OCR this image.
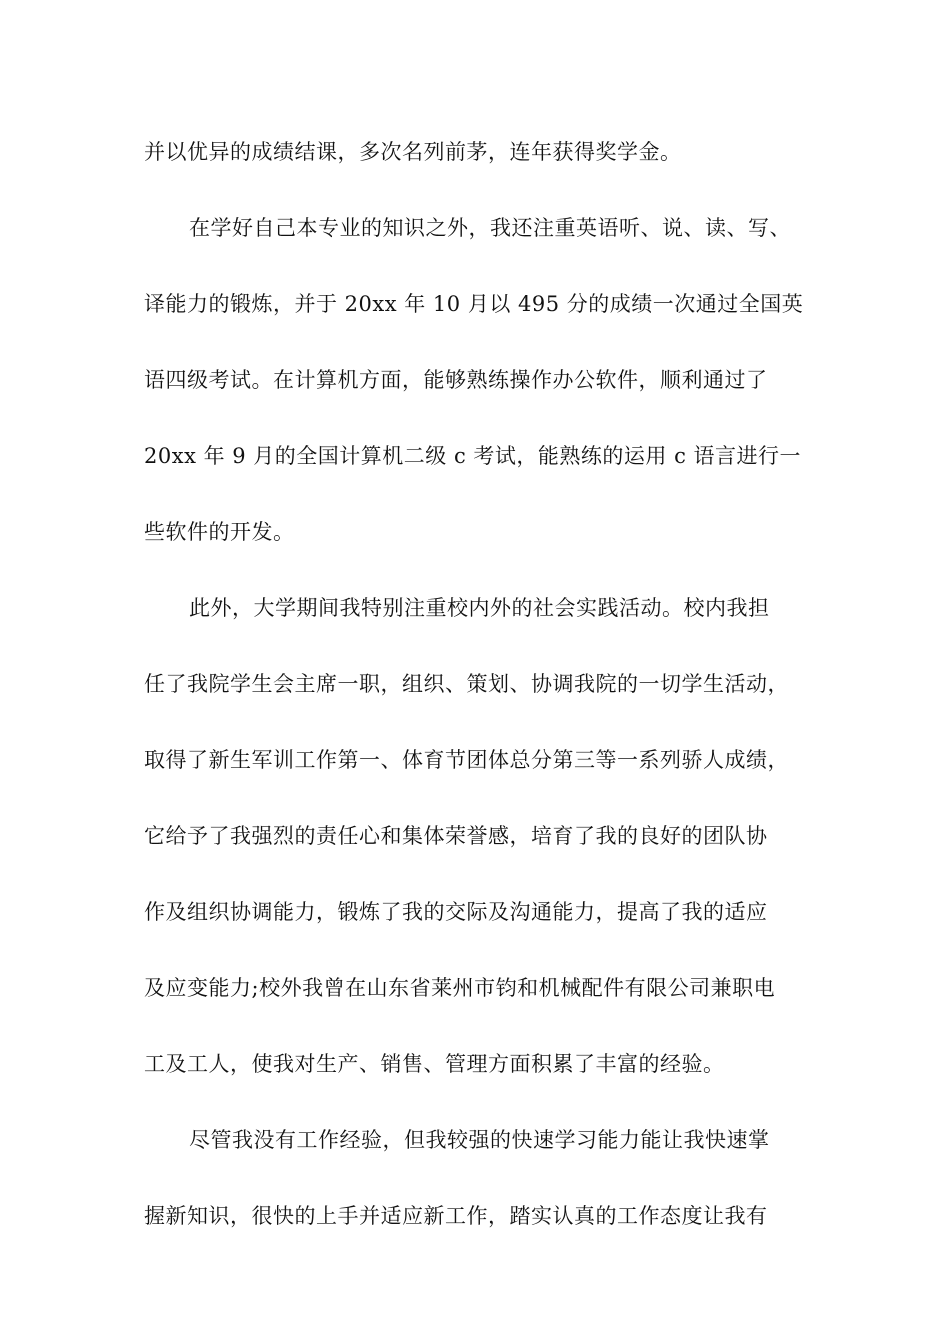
并以优异的成绩结课，多次名列前茅，连年获得奖学金。
在学好自己本专业的知识之外，我还注重英语听、说、读、写、
译能力的锻炼，并于 20xx 年 10 月以 495 分的成绩一次通过全国英
语四级考试。在计算机方面，能够熟练操作办公软件，顺利通过了
20xx 年 9 月的全国计算机二级 c 考试，能熟练的运用 c 语言进行一
些软件的开发。
此外，大学期间我特别注重校内外的社会实践活动。校内我担
任了我院学生会主席一职，组织、策划、协调我院的一切学生活动，
取得了新生军训工作第一、体育节团体总分第三等一系列骄人成绩，
它给予了我强烈的责任心和集体荣誉感，培育了我的良好的团队协
作及组织协调能力，锻炼了我的交际及沟通能力，提高了我的适应
及应变能力;校外我曾在山东省莱州市钧和机械配件有限公司兼职电
工及工人，使我对生产、销售、管理方面积累了丰富的经验。
尽管我没有工作经验，但我较强的快速学习能力能让我快速掌
握新知识，很快的上手并适应新工作，踏实认真的工作态度让我有
